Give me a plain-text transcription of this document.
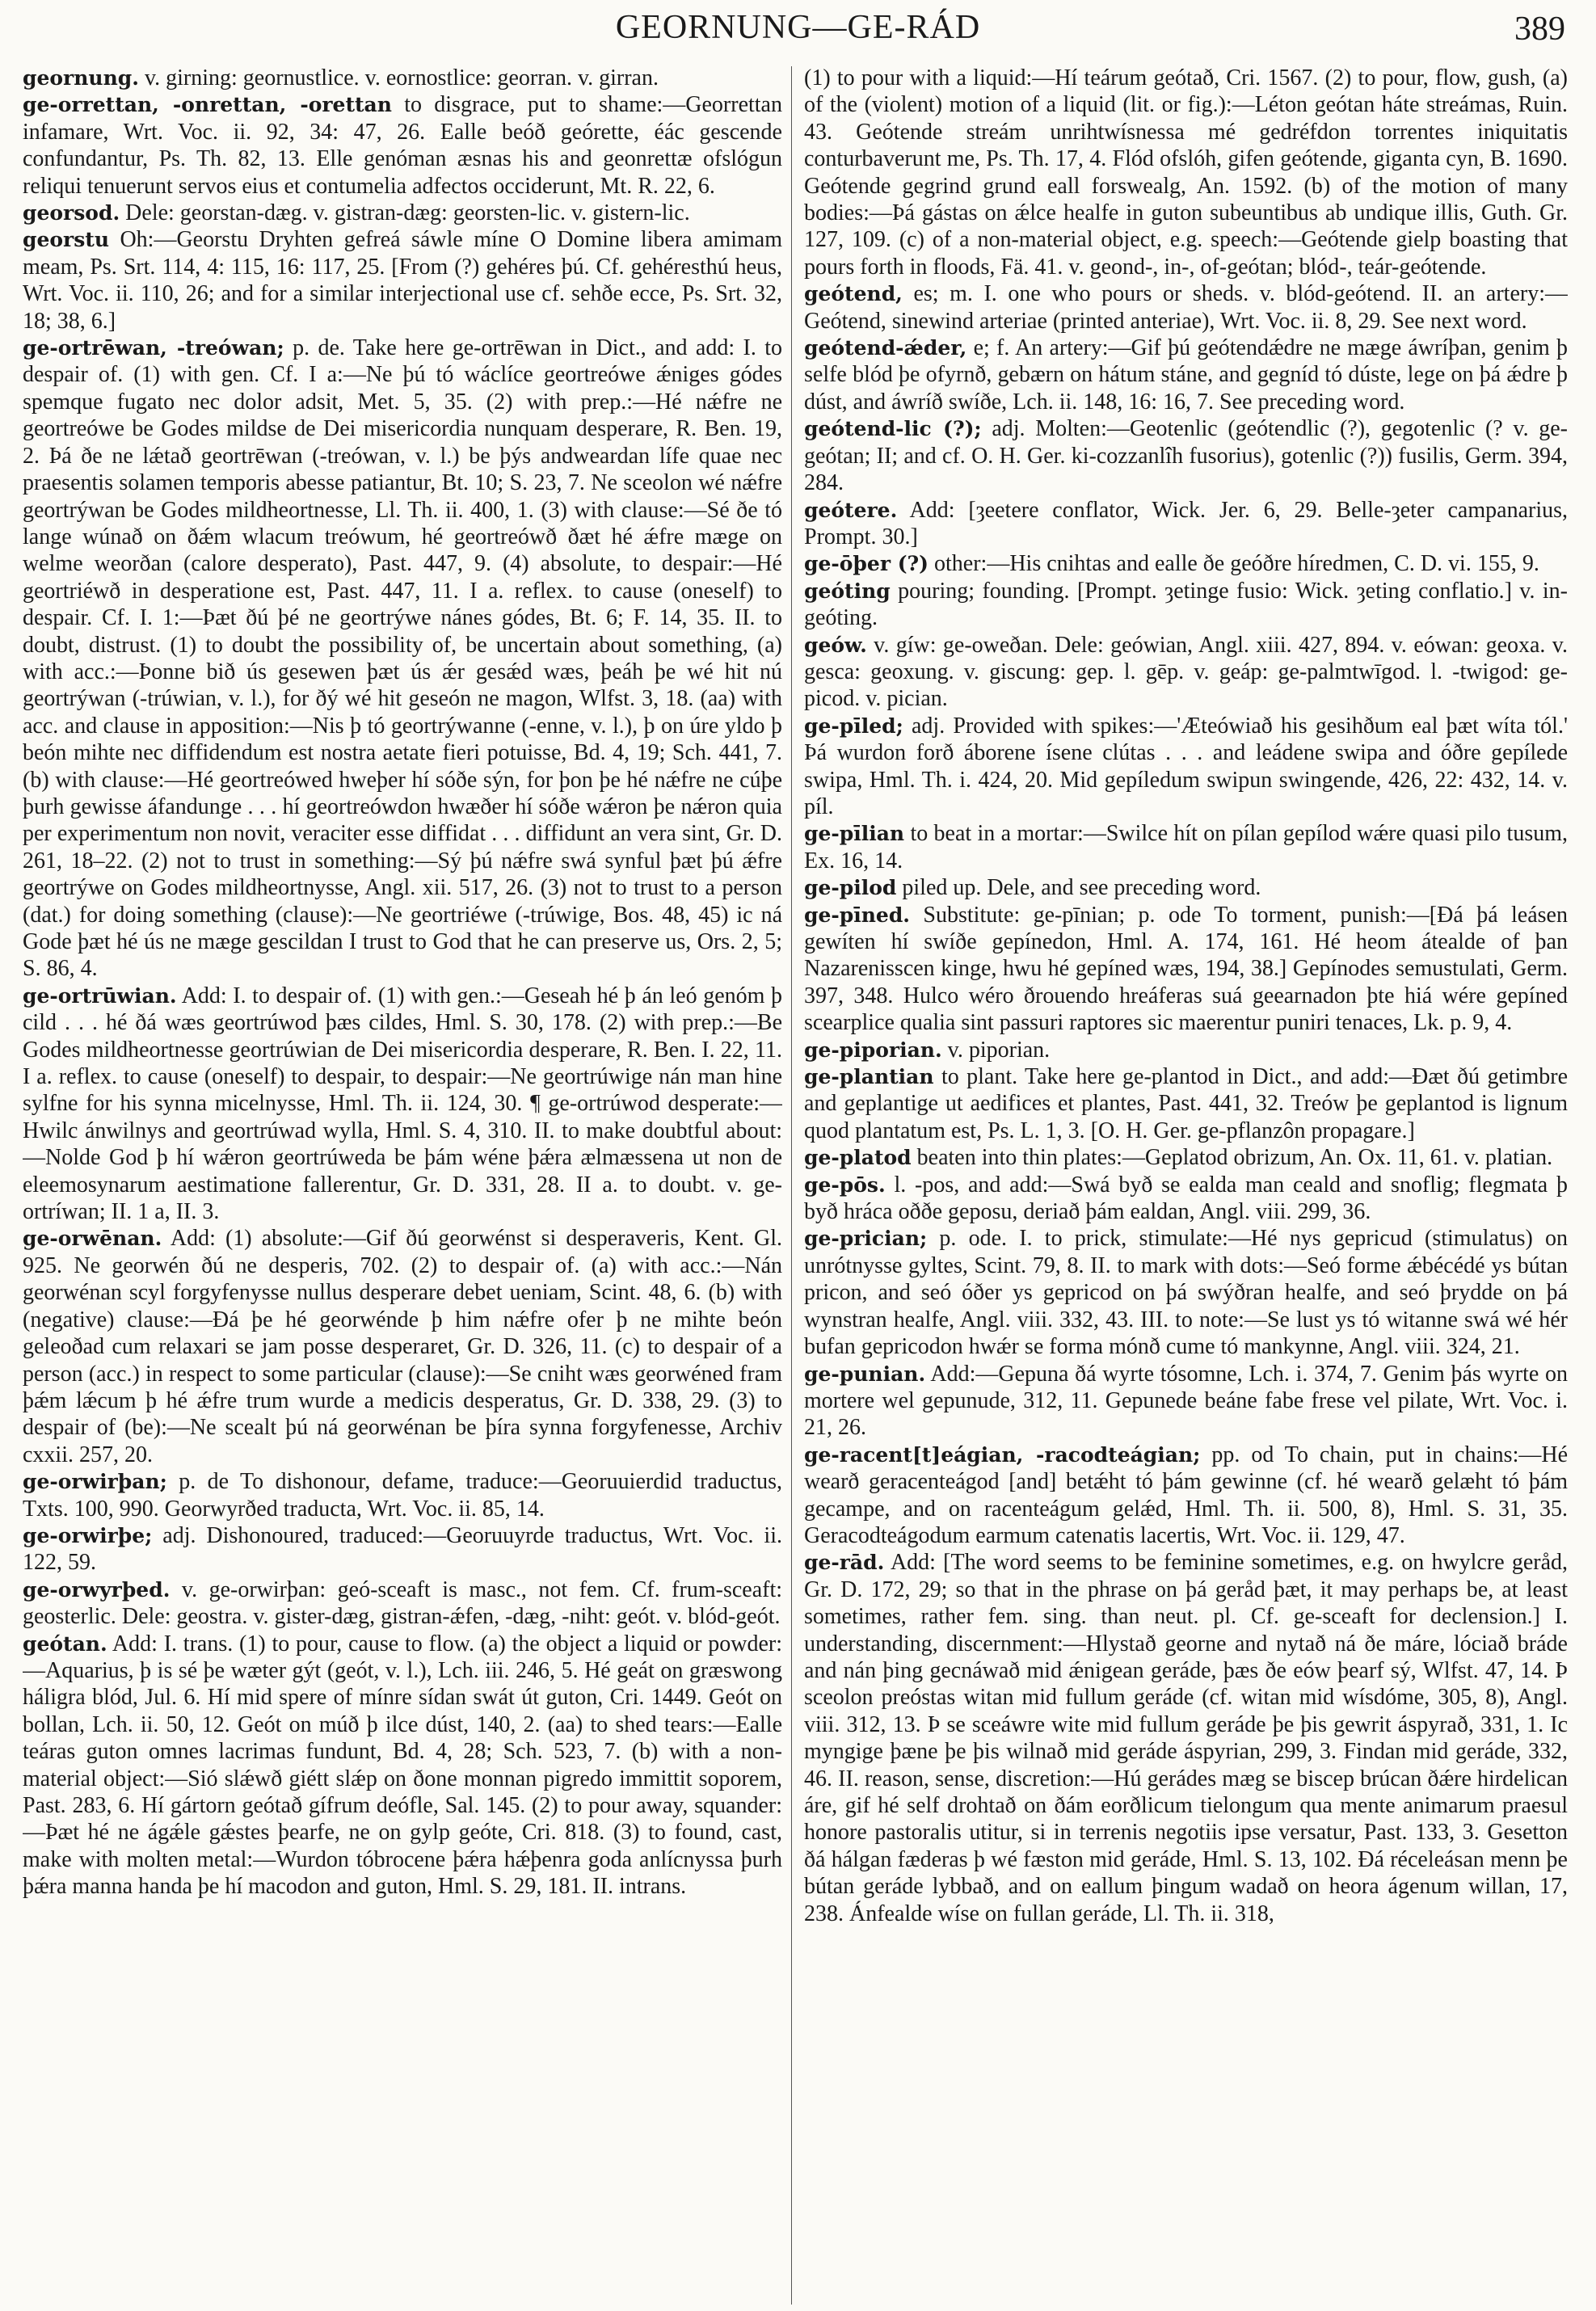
GEORNUNG—GE-RÁD	389

geornung. v. girning: geornustlice. v. eornostlice: georran. v. girran.

ge-orrettan, -onrettan, -orettan to disgrace, put to shame:—Georrettan infamare, Wrt. Voc. ii. 92, 34: 47, 26. Ealle beóð geórette, éác gescende confundantur, Ps. Th. 82, 13. Elle genóman æsnas his and geonrettæ ofslógun reliqui tenuerunt servos eius et contumelia adfectos occiderunt, Mt. R. 22, 6.

georsod. Dele: georstan-dæg. v. gistran-dæg: georsten-lic. v. gistern-lic.

georstu Oh:—Georstu Dryhten gefreá sáwle míne O Domine libera amimam meam, Ps. Srt. 114, 4: 115, 16: 117, 25. [From (?) gehéres þú. Cf. gehéresthú heus, Wrt. Voc. ii. 110, 26; and for a similar interjectional use cf. sehðe ecce, Ps. Srt. 32, 18; 38, 6.]

ge-ortrēwan, -treówan; p. de. Take here ge-ortrēwan in Dict., and add: I. to despair of. (1) with gen. Cf. I a:—Ne þú tó wáclíce geortreówe ǽniges gódes spemque fugato nec dolor adsit, Met. 5, 35. (2) with prep.:—Hé nǽfre ne geortreówe be Godes mildse de Dei misericordia nunquam desperare, R. Ben. 19, 2. Þá ðe ne lǽtað geortrēwan (-treówan, v. l.) be þýs andweardan lífe quae nec praesentis solamen temporis abesse patiantur, Bt. 10; S. 23, 7. Ne sceolon wé nǽfre geortrýwan be Godes mildheortnesse, Ll. Th. ii. 400, 1. (3) with clause:—Sé ðe tó lange wúnað on ðǽm wlacum treówum, hé geortreówð ðæt hé ǽfre mæge on welme weorðan (calore desperato), Past. 447, 9. (4) absolute, to despair:—Hé geortriéwð in desperatione est, Past. 447, 11. I a. reflex. to cause (oneself) to despair. Cf. I. 1:—Þæt ðú þé ne geortrýwe nánes gódes, Bt. 6; F. 14, 35. II. to doubt, distrust. (1) to doubt the possibility of, be uncertain about something, (a) with acc.:—Þonne bið ús gesewen þæt ús ǽr gesǽd wæs, þeáh þe wé hit nú geortrýwan (-trúwian, v. l.), for ðý wé hit geseón ne magon, Wlfst. 3, 18. (aa) with acc. and clause in apposition:—Nis þ tó geortrýwanne (-enne, v. l.), þ on úre yldo þ beón mihte nec diffidendum est nostra aetate fieri potuisse, Bd. 4, 19; Sch. 441, 7. (b) with clause:—Hé geortreówed hweþer hí sóðe sýn, for þon þe hé nǽfre ne cúþe þurh gewisse áfandunge . . . hí geortreówdon hwæðer hí sóðe wǽron þe nǽron quia per experimentum non novit, veraciter esse diffidat . . . diffidunt an vera sint, Gr. D. 261, 18–22. (2) not to trust in something:—Sý þú nǽfre swá synful þæt þú ǽfre geortrýwe on Godes mildheortnysse, Angl. xii. 517, 26. (3) not to trust to a person (dat.) for doing something (clause):—Ne geortriéwe (-trúwige, Bos. 48, 45) ic ná Gode þæt hé ús ne mæge gescildan I trust to God that he can preserve us, Ors. 2, 5; S. 86, 4.

ge-ortrūwian. Add: I. to despair of. (1) with gen.:—Geseah hé þ án leó genóm þ cild . . . hé ðá wæs geortrúwod þæs cildes, Hml. S. 30, 178. (2) with prep.:—Be Godes mildheortnesse geortrúwian de Dei misericordia desperare, R. Ben. I. 22, 11. I a. reflex. to cause (oneself) to despair, to despair:—Ne geortrúwige nán man hine sylfne for his synna micelnysse, Hml. Th. ii. 124, 30. ¶ ge-ortrúwod desperate:—Hwilc ánwilnys and geortrúwad wylla, Hml. S. 4, 310. II. to make doubtful about:—Nolde God þ hí wǽron geortrúweda be þám wéne þǽra ælmæssena ut non de eleemosynarum aestimatione fallerentur, Gr. D. 331, 28. II a. to doubt. v. ge-ortríwan; II. 1 a, II. 3.

ge-orwēnan. Add: (1) absolute:—Gif ðú georwénst si desperaveris, Kent. Gl. 925. Ne georwén ðú ne desperis, 702. (2) to despair of. (a) with acc.:—Nán georwénan scyl forgyfenysse nullus desperare debet ueniam, Scint. 48, 6. (b) with (negative) clause:—Ðá þe hé georwénde þ him nǽfre ofer þ ne mihte beón geleoðad cum relaxari se jam posse desperaret, Gr. D. 326, 11. (c) to despair of a person (acc.) in respect to some particular (clause):—Se cniht wæs georwéned fram þǽm lǽcum þ hé ǽfre trum wurde a medicis desperatus, Gr. D. 338, 29. (3) to despair of (be):—Ne scealt þú ná georwénan be þíra synna forgyfenesse, Archiv cxxii. 257, 20.

ge-orwirþan; p. de To dishonour, defame, traduce:—Georuuierdid traductus, Txts. 100, 990. Georwyrðed traducta, Wrt. Voc. ii. 85, 14.

ge-orwirþe; adj. Dishonoured, traduced:—Georuuyrde traductus, Wrt. Voc. ii. 122, 59.

ge-orwyrþed. v. ge-orwirþan: geó-sceaft is masc., not fem. Cf. frum-sceaft: geosterlic. Dele: geostra. v. gister-dæg, gistran-ǽfen, -dæg, -niht: geót. v. blód-geót.

geótan. Add: I. trans. (1) to pour, cause to flow. (a) the object a liquid or powder:—Aquarius, þ is sé þe wæter gýt (geót, v. l.), Lch. iii. 246, 5. Hé geát on græswong háligra blód, Jul. 6. Hí mid spere of mínre sídan swát út guton, Cri. 1449. Geót on bollan, Lch. ii. 50, 12. Geót on múð þ ilce dúst, 140, 2. (aa) to shed tears:—Ealle teáras guton omnes lacrimas fundunt, Bd. 4, 28; Sch. 523, 7. (b) with a non-material object:—Sió slǽwð giétt slǽp on ðone monnan pigredo immittit soporem, Past. 283, 6. Hí gártorn geótað gífrum deófle, Sal. 145. (2) to pour away, squander:—Þæt hé ne ágǽle gǽstes þearfe, ne on gylp geóte, Cri. 818. (3) to found, cast, make with molten metal:—Wurdon tóbrocene þǽra hǽþenra goda anlícnyssa þurh þǽra manna handa þe hí macodon and guton, Hml. S. 29, 181. II. intrans.

(1) to pour with a liquid:—Hí teárum geótað, Cri. 1567. (2) to pour, flow, gush, (a) of the (violent) motion of a liquid (lit. or fig.):—Léton geótan háte streámas, Ruin. 43. Geótende streám unrihtwísnessa mé gedréfdon torrentes iniquitatis conturbaverunt me, Ps. Th. 17, 4. Flód ofslóh, gifen geótende, giganta cyn, B. 1690. Geótende gegrind grund eall forswealg, An. 1592. (b) of the motion of many bodies:—Þá gástas on ǽlce healfe in guton subeuntibus ab undique illis, Guth. Gr. 127, 109. (c) of a non-material object, e.g. speech:—Geótende gielp boasting that pours forth in floods, Fä. 41. v. geond-, in-, of-geótan; blód-, teár-geótende.

geótend, es; m. I. one who pours or sheds. v. blód-geótend. II. an artery:—Geótend, sinewind arteriae (printed anteriae), Wrt. Voc. ii. 8, 29. See next word.

geótend-ǽder, e; f. An artery:—Gif þú geótendǽdre ne mæge áwríþan, genim þ selfe blód þe ofyrnð, gebærn on hátum stáne, and gegníd tó dúste, lege on þá ǽdre þ dúst, and áwríð swíðe, Lch. ii. 148, 16: 16, 7. See preceding word.

geótend-lic (?); adj. Molten:—Geotenlic (geótendlic (?), gegotenlic (? v. ge-geótan; II; and cf. O. H. Ger. ki-cozzanlîh fusorius), gotenlic (?)) fusilis, Germ. 394, 284.

geótere. Add: [ȝeetere conflator, Wick. Jer. 6, 29. Belle-ȝeter campanarius, Prompt. 30.]

ge-ōþer (?) other:—His cnihtas and ealle ðe geóðre híredmen, C. D. vi. 155, 9.

geóting pouring; founding. [Prompt. ȝetinge fusio: Wick. ȝeting conflatio.] v. in-geóting.

geów. v. gíw: ge-oweðan. Dele: geówian, Angl. xiii. 427, 894. v. eówan: geoxa. v. gesca: geoxung. v. giscung: gep. l. gēp. v. geáp: ge-palmtwīgod. l. -twigod: ge-picod. v. pician.

ge-pīled; adj. Provided with spikes:—'Æteówiað his gesihðum eal þæt wíta tól.' Þá wurdon forð áborene ísene clútas . . . and leádene swipa and óðre gepílede swipa, Hml. Th. i. 424, 20. Mid gepíledum swipun swingende, 426, 22: 432, 14. v. píl.

ge-pīlian to beat in a mortar:—Swilce hít on pílan gepílod wǽre quasi pilo tusum, Ex. 16, 14.

ge-pilod piled up. Dele, and see preceding word.

ge-pīned. Substitute: ge-pīnian; p. ode To torment, punish:—[Ðá þá leásen gewíten hí swíðe gepínedon, Hml. A. 174, 161. Hé heom átealde of þan Nazarenisscen kinge, hwu hé gepíned wæs, 194, 38.] Gepínodes semustulati, Germ. 397, 348. Hulco wéro ðrouendo hreáferas suá geearnadon þte hiá wére gepíned scearplice qualia sint passuri raptores sic maerentur puniri tenaces, Lk. p. 9, 4.

ge-piporian. v. piporian.

ge-plantian to plant. Take here ge-plantod in Dict., and add:—Ðæt ðú getimbre and geplantige ut aedifices et plantes, Past. 441, 32. Treów þe geplantod is lignum quod plantatum est, Ps. L. 1, 3. [O. H. Ger. ge-pflanzôn propagare.]

ge-platod beaten into thin plates:—Geplatod obrizum, An. Ox. 11, 61. v. platian.

ge-pōs. l. -pos, and add:—Swá byð se ealda man ceald and snoflig; flegmata þ byð hráca oððe geposu, deriað þám ealdan, Angl. viii. 299, 36.

ge-prician; p. ode. I. to prick, stimulate:—Hé nys gepricud (stimulatus) on unrótnysse gyltes, Scint. 79, 8. II. to mark with dots:—Seó forme ǽbécédé ys bútan pricon, and seó óðer ys gepricod on þá swýðran healfe, and seó þrydde on þá wynstran healfe, Angl. viii. 332, 43. III. to note:—Se lust ys tó witanne swá wé hér bufan gepricodon hwǽr se forma mónð cume tó mankynne, Angl. viii. 324, 21.

ge-punian. Add:—Gepuna ðá wyrte tósomne, Lch. i. 374, 7. Genim þás wyrte on mortere wel gepunude, 312, 11. Gepunede beáne fabe frese vel pilate, Wrt. Voc. i. 21, 26.

ge-racent[t]eágian, -racodteágian; pp. od To chain, put in chains:—Hé wearð geracenteágod [and] betǽht tó þám gewinne (cf. hé wearð gelæht tó þám gecampe, and on racenteágum gelǽd, Hml. Th. ii. 500, 8), Hml. S. 31, 35. Geracodteágodum earmum catenatis lacertis, Wrt. Voc. ii. 129, 47.

ge-rād. Add: [The word seems to be feminine sometimes, e.g. on hwylcre geråd, Gr. D. 172, 29; so that in the phrase on þá geråd þæt, it may perhaps be, at least sometimes, rather fem. sing. than neut. pl. Cf. ge-sceaft for declension.] I. understanding, discernment:—Hlystað georne and nytað ná ðe máre, lóciað bráde and nán þing gecnáwað mid ǽnigean geráde, þæs ðe eów þearf sý, Wlfst. 47, 14. Þ sceolon preóstas witan mid fullum geráde (cf. witan mid wísdóme, 305, 8), Angl. viii. 312, 13. Þ se sceáwre wite mid fullum geráde þe þis gewrit áspyrað, 331, 1. Ic myngige þæne þe þis wilnað mid geráde áspyrian, 299, 3. Findan mid geráde, 332, 46. II. reason, sense, discretion:—Hú gerádes mæg se biscep brúcan ðǽre hirdelican áre, gif hé self drohtað on ðám eorðlicum tielongum qua mente animarum praesul honore pastoralis utitur, si in terrenis negotiis ipse versatur, Past. 133, 3. Gesetton ðá hálgan fæderas þ wé fæston mid geráde, Hml. S. 13, 102. Ðá réceleásan menn þe bútan geráde lybbað, and on eallum þingum wadað on heora ágenum willan, 17, 238. Ánfealde wíse on fullan geráde, Ll. Th. ii. 318,
